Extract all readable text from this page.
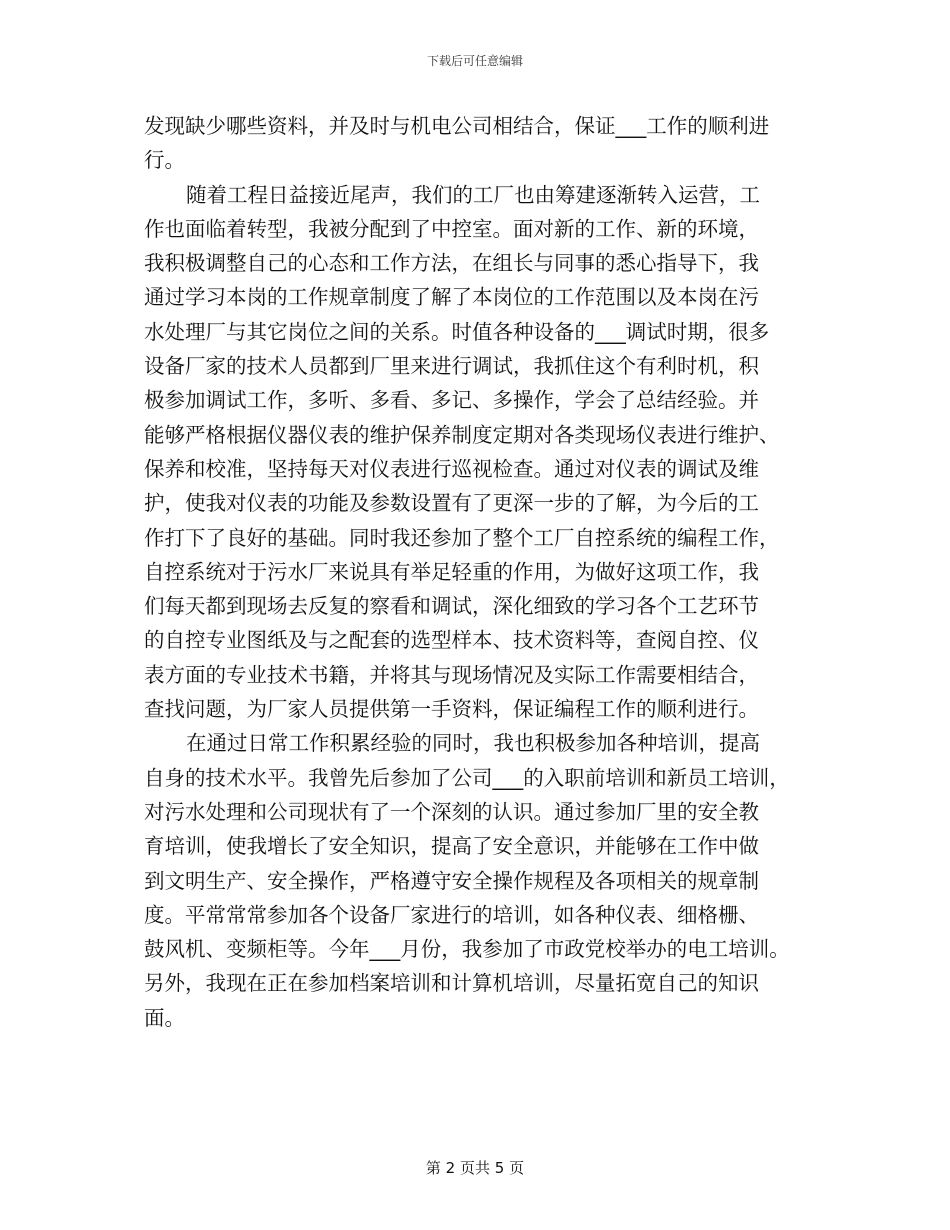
下载后可任意编辑
发现缺少哪些资料，并及时与机电公司相结合，保证___工作的顺利进
行。
随着工程日益接近尾声，我们的工厂也由筹建逐渐转入运营，工
作也面临着转型，我被分配到了中控室。面对新的工作、新的环境，
我积极调整自己的心态和工作方法，在组长与同事的悉心指导下，我
通过学习本岗的工作规章制度了解了本岗位的工作范围以及本岗在污
水处理厂与其它岗位之间的关系。时值各种设备的___调试时期，很多
设备厂家的技术人员都到厂里来进行调试，我抓住这个有利时机，积
极参加调试工作，多听、多看、多记、多操作，学会了总结经验。并
能够严格根据仪器仪表的维护保养制度定期对各类现场仪表进行维护、
保养和校准，坚持每天对仪表进行巡视检查。通过对仪表的调试及维
护，使我对仪表的功能及参数设置有了更深一步的了解，为今后的工
作打下了良好的基础。同时我还参加了整个工厂自控系统的编程工作，
自控系统对于污水厂来说具有举足轻重的作用，为做好这项工作，我
们每天都到现场去反复的察看和调试，深化细致的学习各个工艺环节
的自控专业图纸及与之配套的选型样本、技术资料等，查阅自控、仪
表方面的专业技术书籍，并将其与现场情况及实际工作需要相结合，
查找问题，为厂家人员提供第一手资料，保证编程工作的顺利进行。
在通过日常工作积累经验的同时，我也积极参加各种培训，提高
自身的技术水平。我曾先后参加了公司___的入职前培训和新员工培训，
对污水处理和公司现状有了一个深刻的认识。通过参加厂里的安全教
育培训，使我增长了安全知识，提高了安全意识，并能够在工作中做
到文明生产、安全操作，严格遵守安全操作规程及各项相关的规章制
度。平常常常参加各个设备厂家进行的培训，如各种仪表、细格栅、
鼓风机、变频柜等。今年___月份，我参加了市政党校举办的电工培训。
另外，我现在正在参加档案培训和计算机培训，尽量拓宽自己的知识
面。
第 2 页共 5 页
